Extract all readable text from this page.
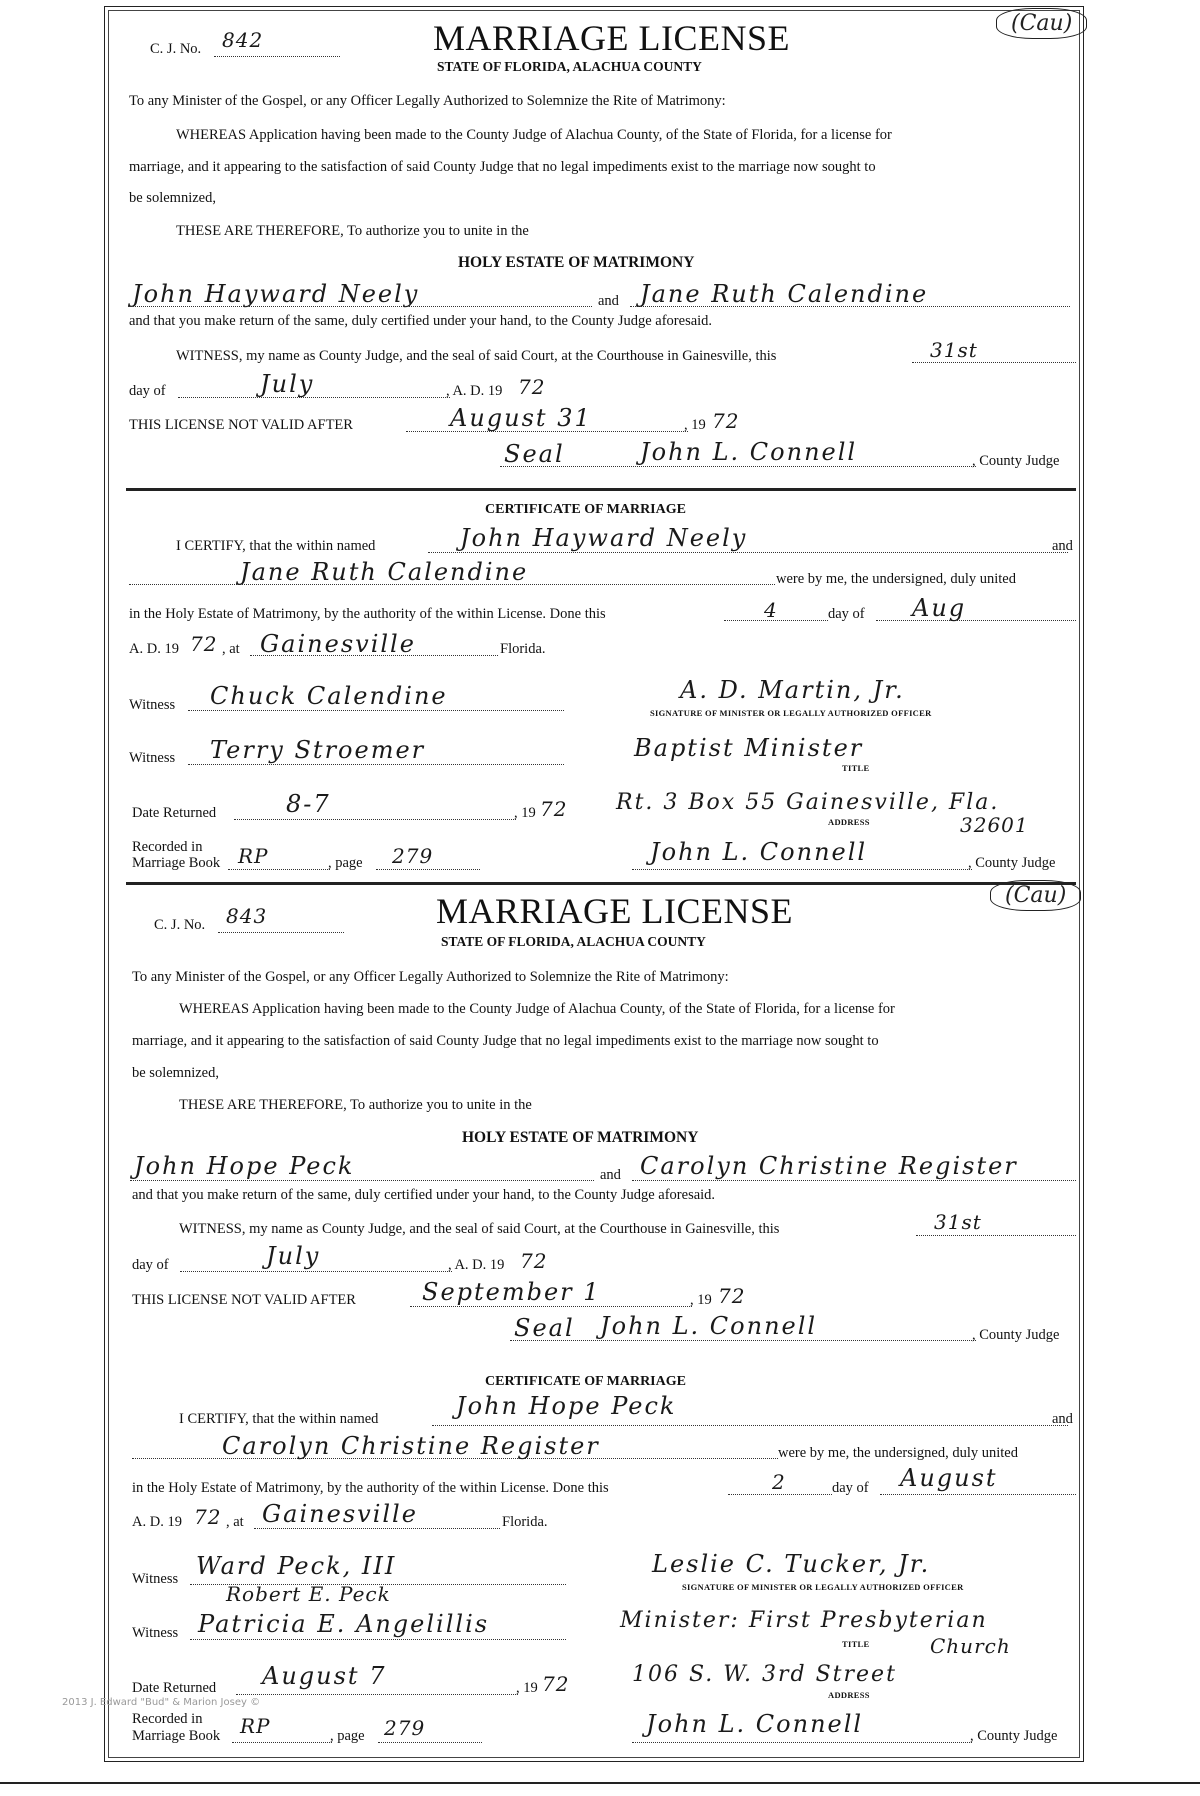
C. J. No. 842
(Cau)
MARRIAGE LICENSE
STATE OF FLORIDA, ALACHUA COUNTY
To any Minister of the Gospel, or any Officer Legally Authorized to Solemnize the Rite of Matrimony:
WHEREAS Application having been made to the County Judge of Alachua County, of the State of Florida, for a license for
marriage, and it appearing to the satisfaction of said County Judge that no legal impediments exist to the marriage now sought to
be solemnized,
THESE ARE THEREFORE, To authorize you to unite in the
HOLY ESTATE OF MATRIMONY
John Hayward Neely	and Jane Ruth Calendine
and that you make return of the same, duly certified under your hand, to the County Judge aforesaid.
WITNESS, my name as County Judge, and the seal of said Court, at the Courthouse in Gainesville, this	31st
day of	July	, A. D. 19 72
THIS LICENSE NOT VALID AFTER	August 31	, 19 72
Seal	John L. Connell	, County Judge
CERTIFICATE OF MARRIAGE
I CERTIFY, that the within named	John Hayward Neely	and
Jane Ruth Calendine	were by me, the undersigned, duly united
in the Holy Estate of Matrimony, by the authority of the within License. Done this	4	day of Aug
A. D. 19 72 , at Gainesville	Florida.
Witness Chuck Calendine	A. D. Martin, Jr.
SIGNATURE OF MINISTER OR LEGALLY AUTHORIZED OFFICER
Witness Terry Stroemer	Baptist Minister
TITLE
Date Returned	8-7	, 19 72 Rt. 3 Box 55 Gainesville, Fla.
ADDRESS	32601
Recorded in
Marriage Book RP	, page 279	John L. Connell	, County Judge
C. J. No. 843
(Cau)
MARRIAGE LICENSE
STATE OF FLORIDA, ALACHUA COUNTY
To any Minister of the Gospel, or any Officer Legally Authorized to Solemnize the Rite of Matrimony:
WHEREAS Application having been made to the County Judge of Alachua County, of the State of Florida, for a license for
marriage, and it appearing to the satisfaction of said County Judge that no legal impediments exist to the marriage now sought to
be solemnized,
THESE ARE THEREFORE, To authorize you to unite in the
HOLY ESTATE OF MATRIMONY
John Hope Peck	and Carolyn Christine Register
and that you make return of the same, duly certified under your hand, to the County Judge aforesaid.
WITNESS, my name as County Judge, and the seal of said Court, at the Courthouse in Gainesville, this	31st
day of	July	, A. D. 19 72
THIS LICENSE NOT VALID AFTER	September 1	, 19 72
Seal John L. Connell	, County Judge
CERTIFICATE OF MARRIAGE
I CERTIFY, that the within named	John Hope Peck	and
Carolyn Christine Register	were by me, the undersigned, duly united
in the Holy Estate of Matrimony, by the authority of the within License. Done this	2	day of August
A. D. 19 72 , at Gainesville	Florida.
Witness Ward Peck, III
Robert E. Peck
Leslie C. Tucker, Jr.
SIGNATURE OF MINISTER OR LEGALLY AUTHORIZED OFFICER
Witness Patricia E. Angelillis	Minister: First Presbyterian
TITLE	Church
Date Returned August 7	, 19 72	106 S. W. 3rd Street
ADDRESS
Recorded in
Marriage Book RP	, page 279	John L. Connell	, County Judge
2013 J. Edward "Bud" & Marion Josey ©
